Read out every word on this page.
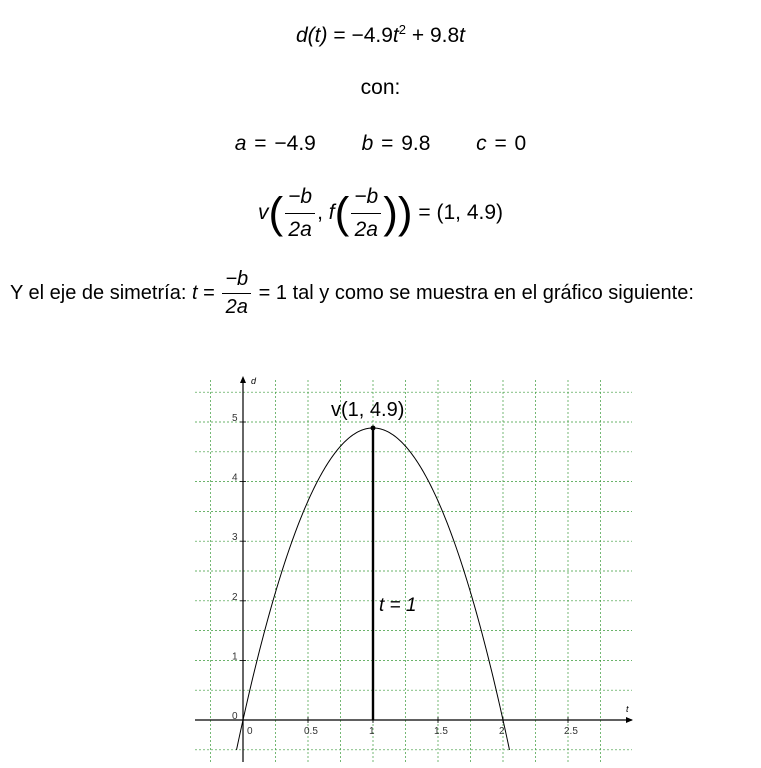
$d(t) = -4.9t^2 + 9.8t$
con:
a = −4.9 b = 9.8 c = 0
$v( \frac{-b}{2a}$ , $f( \frac{-b}{2a}$ )) = (1, 4.9)
Y el eje de simetría: $t = \frac{-b}{2a} = 1$ tal y como se muestra en el gráfico siguiente:
t
d
0	0.5	1	1.5	2	2.5
0
1
2
3
4
5
t = 1
v(1, 4.9)
